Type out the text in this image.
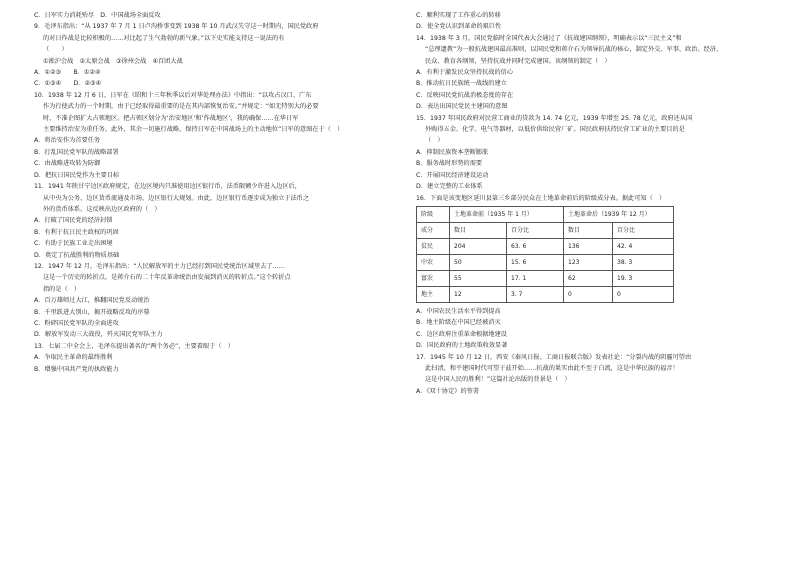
C．日军实力消耗殆尽　D．中国战场全面反攻

9．毛泽东指出：“从 1937 年 7 月 1 日卢沟桥事变到 1938 年 10 月武汉失守这一时期内，国民党政府

的对日作战是比较积极的……对比起了生气勃勃的新气象。”以下史实能支持这一说法的有

（　　）

①淞沪会战　②太原会战　③徐州会战　④百团大战

A．①②③　　B．①②④

C．①③④　　D．②③④

10．1938 年 12 月 6 日，日军在《昭和十三年秋季以后对华处理办法》中指出：“以攻占汉口、广东

作为行使武力的一个时期，由于已经取得最重要的是在其内部恢复治安。”并规定：“如无特别大的必要

时，不准企图扩大占领地区。把占领区划分为‘治安地区’和‘作战地区’，我的确保……在华日军

主要维持治安为重任务。此外，其余一切施行战略，保持日军在中国战场上的主动地位”日军的意图在于（　）

A．将治安作为首要任务

B．打乱国民党军队的战略部署

C．由战略进攻转为防御

D．把抗日国民党作为主要目标

11．1941 年陕甘宁边区政府规定，在边区境内只准使用边区银行币，法币限额少许进入边区后，

从中央为公务，边区货币流通及市场，边区银行大规划。由此，边区银行币逐步成为独立于法币之

外的货币体系。这反映出边区政府的（　）

A．打破了国民党的经济封锁

B．有利于抗日民主政权的巩固

C．有助于民族工业走出困境

D．奠定了抗战胜利的物质基础

12．1947 年 12 月，毛泽东指出：“人民解放军的主力已经打到国民党统治区域里去了……

这是一个历史的转折点，是蒋介石的二十年反革命统治由发展到消灭的转折点。”这个转折点

指的是（　）

A．百万雄师过大江，推翻国民党反动统治

B．千里跃进大别山，揭开战略反攻的序幕

C．粉碎国民党军队的全面进攻

D．解放军发动三大战役，歼灭国民党军队主力

13．七届二中全会上，毛泽东提出著名的“两个务必”，主要着眼于（　）

A．争取民主革命的最终胜利

B．增强中国共产党的执政能力

C．顺利实现了工作重心的转移

D．使全党认识到革命的艰巨性

14．1938 年 3 月，国民党临时全国代表大会通过了《抗战建国纲领》，明确表示以“三民主义”和

“总理遗教”为一般抗战建国最高准则，以国民党和蒋介石为领导抗战的核心，制定外交、军事、政治、经济、

民众、教育各纲领，坚持抗战并同时完成建国。该纲领的制定（　）

A．有利于激发民众坚持抗战的信心

B．推动抗日民族统一战线的建立

C．反映国民党抗战消极态度的存在

D．表达出国民党民主建国的意图

15．1937 年国民政府对民营工商业的贷款为 14. 74 亿元，1939 年增至 25. 78 亿元，政府还从国

外购得五金、化学、电气等器材，以低价供给民营厂矿。国民政府扶持民营工矿业的主要目的是

（　）

A．抑制民族资本垄断膨胀

B．服务战时形势的需要

C．开展国民经济建设运动

D．建立完整的工业体系

16．下面是该变地区延川县第三乡部分民众在土地革命前后的阶级成分表。据此可知（　）

阶级	土地革命前（1935 年 1 月）		土地革命后（1939 年 12 月）	
成分	数目	百分比	数目	百分比
贫民	204	63. 6	136	42. 4
中农	50	15. 6	123	38. 3
富农	55	17. 1	62	19. 3
地主	12	3. 7	0	0

A．中国农民生活水平得到提高

B．地主阶级在中国已经被消灭

C．边区政府注重革命根据地建设

D．国民政府的土地政策收效显著

17．1945 年 10 月 12 日，西安《秦风日报、工商日报联合版》发表社论：“分裂内战的阴霾可望由

此扫清，和平建国时代可望于兹开始……抗战的果实由此不至于白流，这是中华民族的福音！

这是中国人民的胜利！”这篇社论出版的背景是（　）

A．《双十协定》的签署
